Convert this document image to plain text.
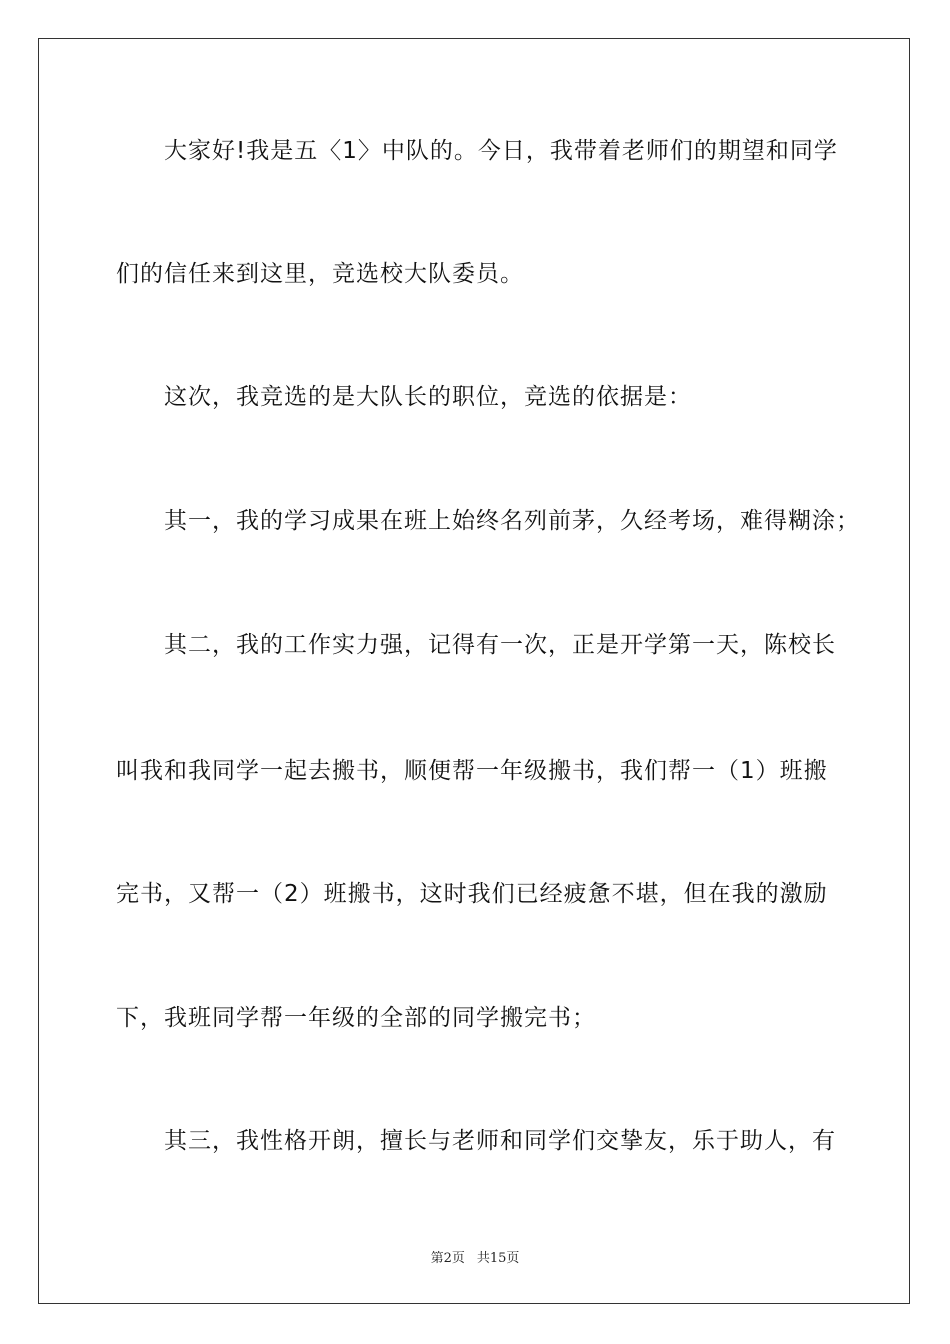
大家好!我是五〈1〉中队的。今日，我带着老师们的期望和同学
们的信任来到这里，竞选校大队委员。
这次，我竞选的是大队长的职位，竞选的依据是：
其一，我的学习成果在班上始终名列前茅，久经考场，难得糊涂；
其二，我的工作实力强，记得有一次，正是开学第一天，陈校长
叫我和我同学一起去搬书，顺便帮一年级搬书，我们帮一（1）班搬
完书，又帮一（2）班搬书，这时我们已经疲惫不堪，但在我的激励
下，我班同学帮一年级的全部的同学搬完书；
其三，我性格开朗，擅长与老师和同学们交挚友，乐于助人，有
第2页 共15页
